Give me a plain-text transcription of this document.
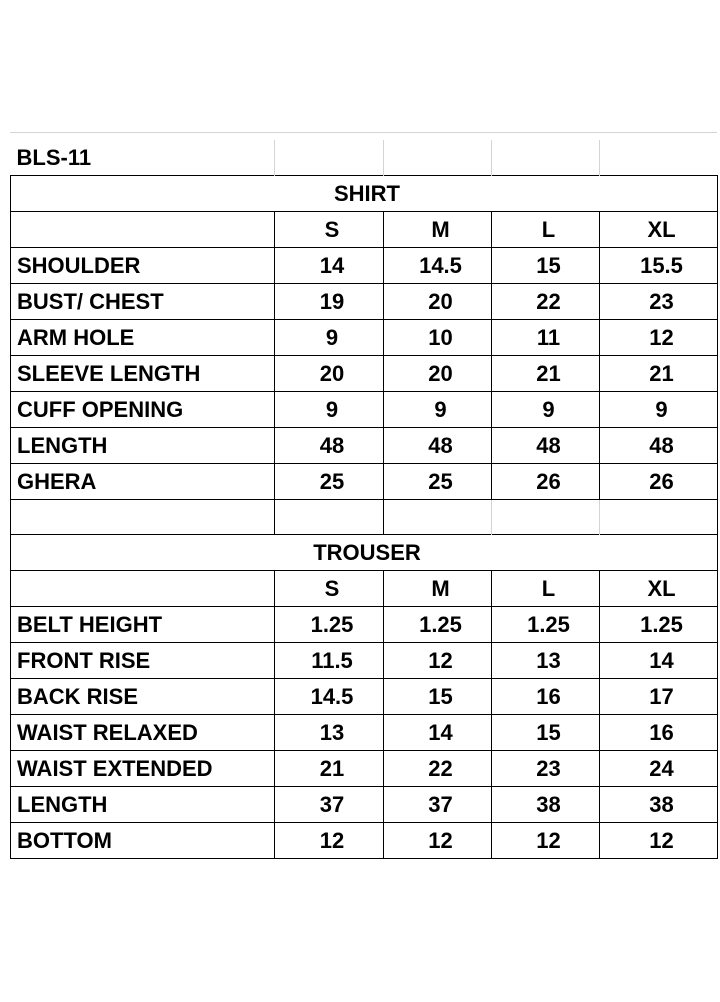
BLS-11				
SHIRT				
	S	M	L	XL
SHOULDER	14	14.5	15	15.5
BUST/ CHEST	19	20	22	23
ARM HOLE	9	10	11	12
SLEEVE LENGTH	20	20	21	21
CUFF OPENING	9	9	9	9
LENGTH	48	48	48	48
GHERA	25	25	26	26

TROUSER				
	S	M	L	XL
BELT HEIGHT	1.25	1.25	1.25	1.25
FRONT RISE	11.5	12	13	14
BACK RISE	14.5	15	16	17
WAIST RELAXED	13	14	15	16
WAIST EXTENDED	21	22	23	24
LENGTH	37	37	38	38
BOTTOM	12	12	12	12
